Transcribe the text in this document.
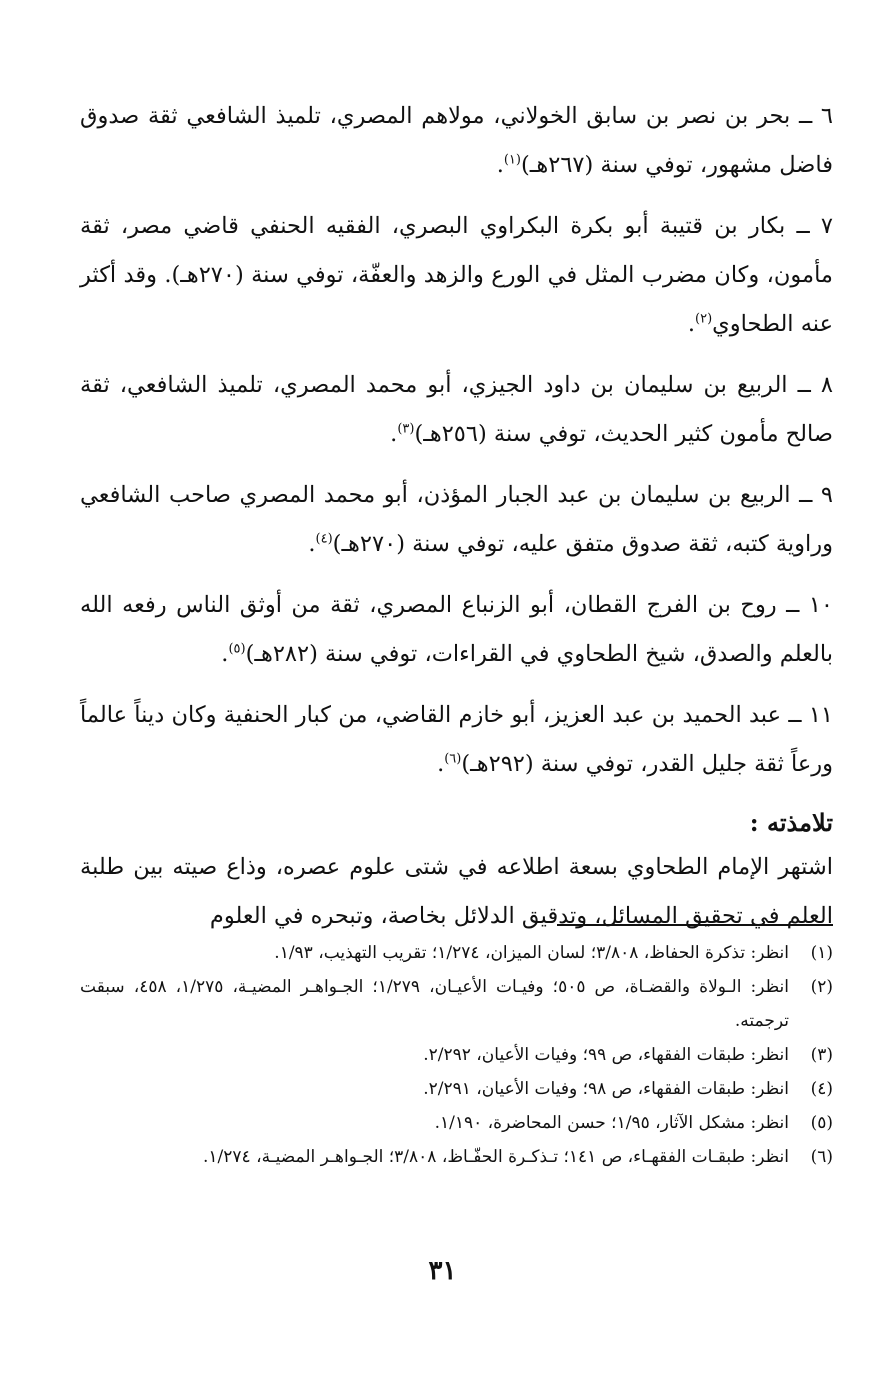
٦ ــ بحر بن نصر بن سابق الخولاني، مولاهم المصري، تلميذ الشافعي ثقة صدوق فاضل مشهور، توفي سنة (٢٦٧هـ)$^{(١)}$.

٧ ــ بكار بن قتيبة أبو بكرة البكراوي البصري، الفقيه الحنفي قاضي مصر، ثقة مأمون، وكان مضرب المثل في الورع والزهد والعفّة، توفي سنة (٢٧٠هـ). وقد أكثر عنه الطحاوي$^{(٢)}$.

٨ ــ الربيع بن سليمان بن داود الجيزي، أبو محمد المصري، تلميذ الشافعي، ثقة صالح مأمون كثير الحديث، توفي سنة (٢٥٦هـ)$^{(٣)}$.

٩ ــ الربيع بن سليمان بن عبد الجبار المؤذن، أبو محمد المصري صاحب الشافعي وراوية كتبه، ثقة صدوق متفق عليه، توفي سنة (٢٧٠هـ)$^{(٤)}$.

١٠ ــ روح بن الفرج القطان، أبو الزنباع المصري، ثقة من أوثق الناس رفعه الله بالعلم والصدق، شيخ الطحاوي في القراءات، توفي سنة (٢٨٢هـ)$^{(٥)}$.

١١ ــ عبد الحميد بن عبد العزيز، أبو خازم القاضي، من كبار الحنفية وكان ديناً عالماً ورعاً ثقة جليل القدر، توفي سنة (٢٩٢هـ)$^{(٦)}$.

تلامذته :

اشتهر الإمام الطحاوي بسعة اطلاعه في شتى علوم عصره، وذاع صيته بين طلبة العلم في تحقيق المسائل، وتدقيق الدلائل بخاصة، وتبحره في العلوم

(١)
انظر: تذكرة الحفاظ، ٣/٨٠٨؛ لسان الميزان، ١/٢٧٤؛ تقريب التهذيب، ١/٩٣.
(٢)
انظر: الـولاة والقضـاة، ص ٥٠٥؛ وفيـات الأعيـان، ١/٢٧٩؛ الجـواهـر المضيـة، ١/٢٧٥، ٤٥٨، سبقت ترجمته.
(٣)
انظر: طبقات الفقهاء، ص ٩٩؛ وفيات الأعيان، ٢/٢٩٢.
(٤)
انظر: طبقات الفقهاء، ص ٩٨؛ وفيات الأعيان، ٢/٢٩١.
(٥)
انظر: مشكل الآثار، ١/٩٥؛ حسن المحاضرة، ١/١٩٠.
(٦)
انظر: طبقـات الفقهـاء، ص ١٤١؛ تـذكـرة الحفّـاظ، ٣/٨٠٨؛ الجـواهـر المضيـة، ١/٢٧٤.
٣١
